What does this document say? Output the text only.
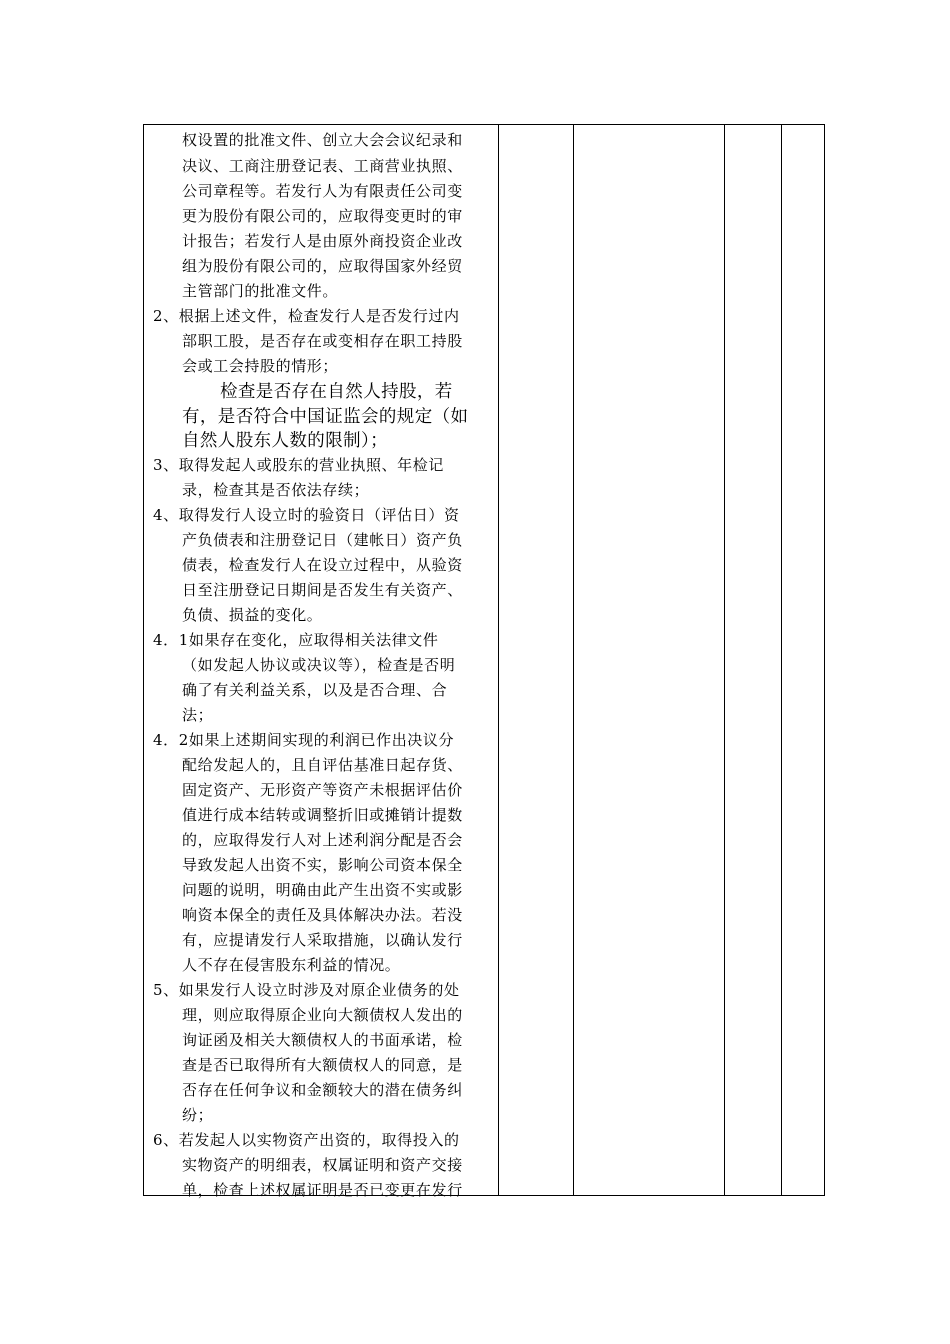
权设置的批准文件、创立大会会议纪录和
决议、工商注册登记表、工商营业执照、
公司章程等。若发行人为有限责任公司变
更为股份有限公司的，应取得变更时的审
计报告；若发行人是由原外商投资企业改
组为股份有限公司的，应取得国家外经贸
主管部门的批准文件。
2、根据上述文件，检查发行人是否发行过内
部职工股，是否存在或变相存在职工持股
会或工会持股的情形；
检查是否存在自然人持股，若
有，是否符合中国证监会的规定（如
自然人股东人数的限制）；
3、取得发起人或股东的营业执照、年检记
录，检查其是否依法存续；
4、取得发行人设立时的验资日（评估日）资
产负债表和注册登记日（建帐日）资产负
债表，检查发行人在设立过程中，从验资
日至注册登记日期间是否发生有关资产、
负债、损益的变化。
4．1如果存在变化，应取得相关法律文件
（如发起人协议或决议等），检查是否明
确了有关利益关系，以及是否合理、合
法；
4．2如果上述期间实现的利润已作出决议分
配给发起人的，且自评估基准日起存货、
固定资产、无形资产等资产未根据评估价
值进行成本结转或调整折旧或摊销计提数
的，应取得发行人对上述利润分配是否会
导致发起人出资不实，影响公司资本保全
问题的说明，明确由此产生出资不实或影
响资本保全的责任及具体解决办法。若没
有，应提请发行人采取措施，以确认发行
人不存在侵害股东利益的情况。
5、如果发行人设立时涉及对原企业债务的处
理，则应取得原企业向大额债权人发出的
询证函及相关大额债权人的书面承诺，检
查是否已取得所有大额债权人的同意，是
否存在任何争议和金额较大的潜在债务纠
纷；
6、若发起人以实物资产出资的，取得投入的
实物资产的明细表，权属证明和资产交接
单，检查上述权属证明是否已变更在发行
